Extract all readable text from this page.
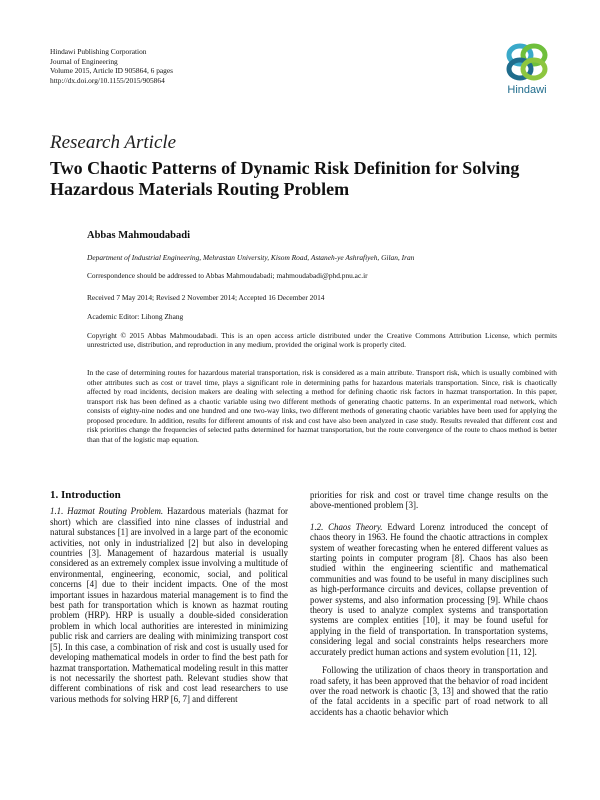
Hindawi Publishing Corporation
Journal of Engineering
Volume 2015, Article ID 905864, 6 pages
http://dx.doi.org/10.1155/2015/905864
Hindawi
Research Article
Two Chaotic Patterns of Dynamic Risk Definition for Solving Hazardous Materials Routing Problem
Abbas Mahmoudabadi
Department of Industrial Engineering, Mehrastan University, Kisom Road, Astaneh-ye Ashrafiyeh, Gilan, Iran
Correspondence should be addressed to Abbas Mahmoudabadi; mahmoudabadi@phd.pnu.ac.ir
Received 7 May 2014; Revised 2 November 2014; Accepted 16 December 2014
Academic Editor: Lihong Zhang
Copyright © 2015 Abbas Mahmoudabadi. This is an open access article distributed under the Creative Commons Attribution License, which permits unrestricted use, distribution, and reproduction in any medium, provided the original work is properly cited.
In the case of determining routes for hazardous material transportation, risk is considered as a main attribute. Transport risk, which is usually combined with other attributes such as cost or travel time, plays a significant role in determining paths for hazardous materials transportation. Since, risk is chaotically affected by road incidents, decision makers are dealing with selecting a method for defining chaotic risk factors in hazmat transportation. In this paper, transport risk has been defined as a chaotic variable using two different methods of generating chaotic patterns. In an experimental road network, which consists of eighty-nine nodes and one hundred and one two-way links, two different methods of generating chaotic variables have been used for applying the proposed procedure. In addition, results for different amounts of risk and cost have also been analyzed in case study. Results revealed that different cost and risk priorities change the frequencies of selected paths determined for hazmat transportation, but the route convergence of the route to chaos method is better than that of the logistic map equation.
1. Introduction

1.1. Hazmat Routing Problem. Hazardous materials (hazmat for short) which are classified into nine classes of industrial and natural substances [1] are involved in a large part of the economic activities, not only in industrialized [2] but also in developing countries [3]. Management of hazardous material is usually considered as an extremely complex issue involving a multitude of environmental, engineering, economic, social, and political concerns [4] due to their incident impacts. One of the most important issues in hazardous material management is to find the best path for transportation which is known as hazmat routing problem (HRP). HRP is usually a double-sided consideration problem in which local authorities are interested in minimizing public risk and carriers are dealing with minimizing transport cost [5]. In this case, a combination of risk and cost is usually used for developing mathematical models in order to find the best path for hazmat transportation. Mathematical modeling result in this matter is not necessarily the shortest path. Relevant studies show that different combinations of risk and cost lead researchers to use various methods for solving HRP [6, 7] and different

priorities for risk and cost or travel time change results on the above-mentioned problem [3].

1.2. Chaos Theory. Edward Lorenz introduced the concept of chaos theory in 1963. He found the chaotic attractions in complex system of weather forecasting when he entered different values as starting points in computer program [8]. Chaos has also been studied within the engineering scientific and mathematical communities and was found to be useful in many disciplines such as high-performance circuits and devices, collapse prevention of power systems, and also information processing [9]. While chaos theory is used to analyze complex systems and transportation systems are complex entities [10], it may be found useful for applying in the field of transportation. In transportation systems, considering legal and social constraints helps researchers more accurately predict human actions and system evolution [11, 12].

Following the utilization of chaos theory in transportation and road safety, it has been approved that the behavior of road incident over the road network is chaotic [3, 13] and showed that the ratio of the fatal accidents in a specific part of road network to all accidents has a chaotic behavior which
